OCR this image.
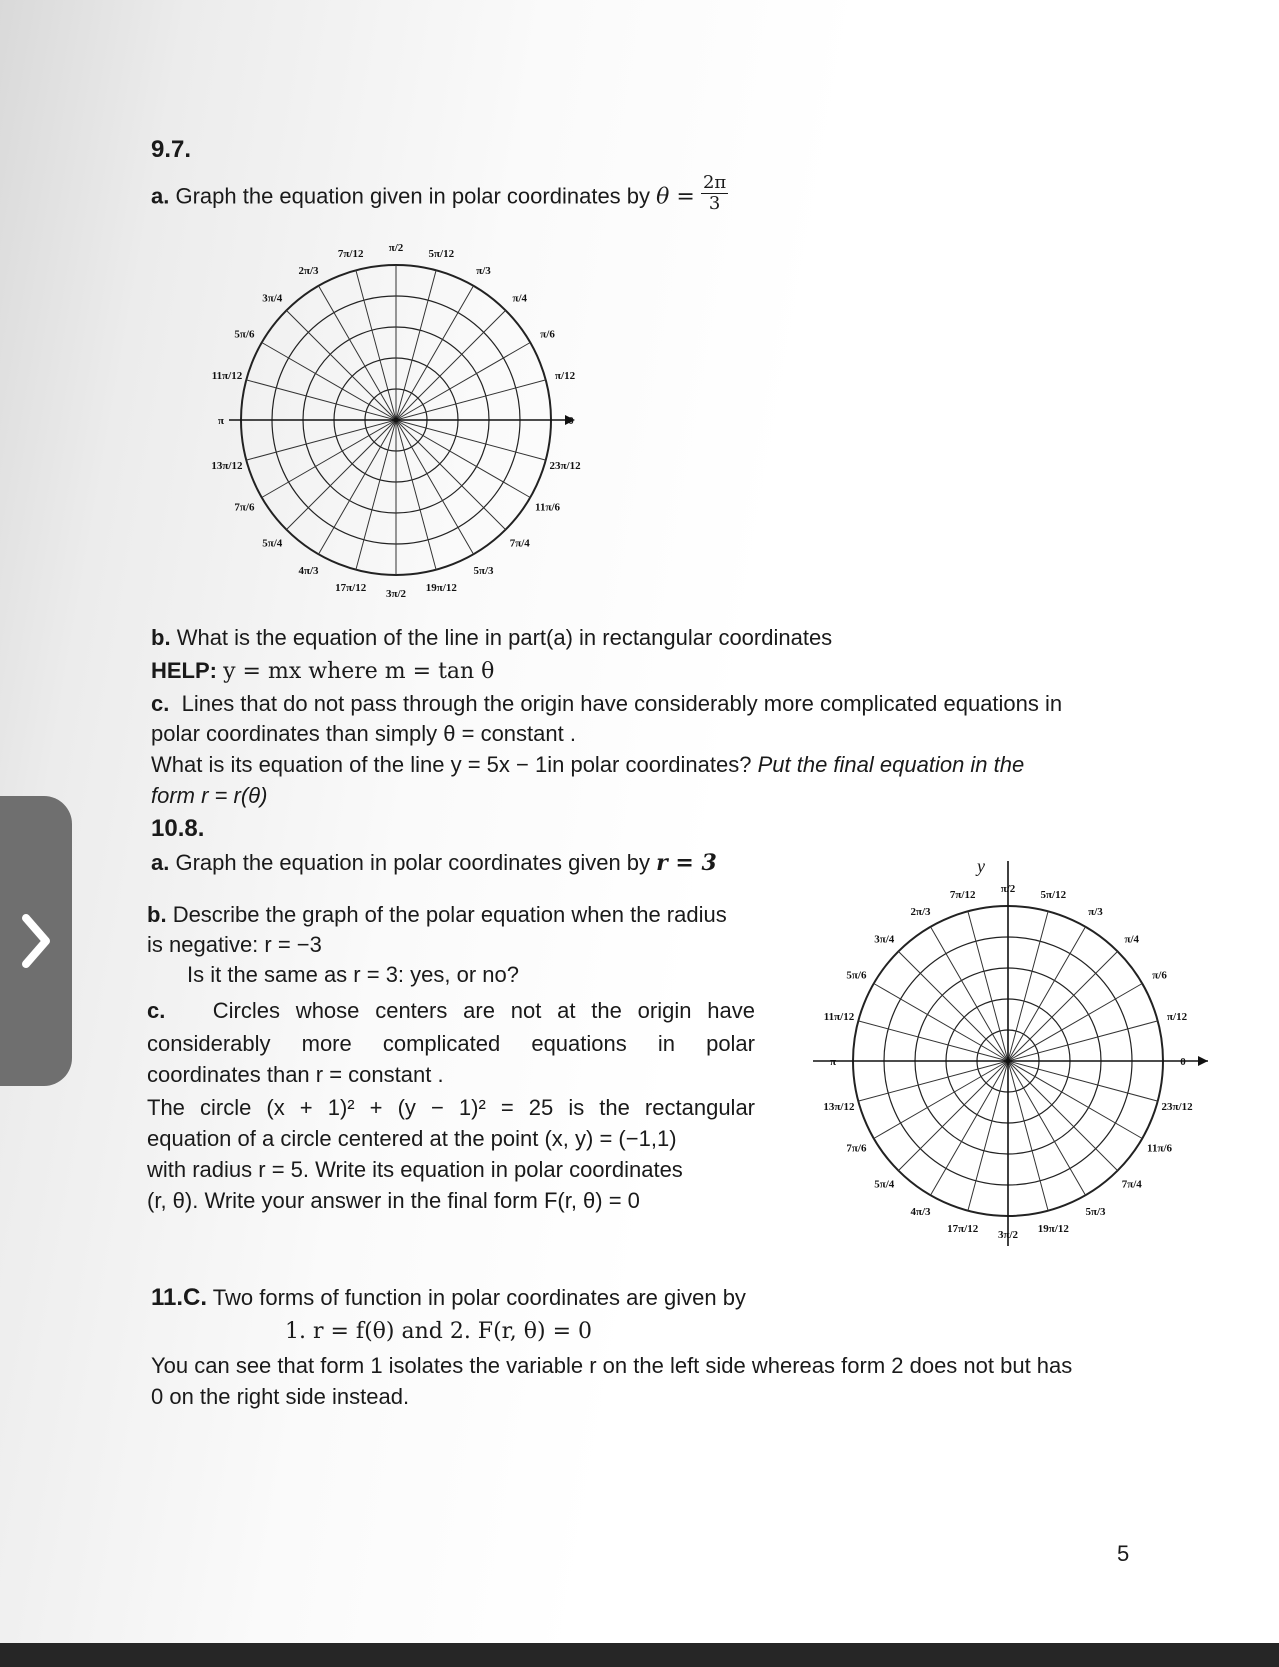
9.7.
a. Graph the equation given in polar coordinates by $\theta = \frac{2\pi}{3}$
0
π/12
π/6
π/4
π/3
5π/12
π/2
7π/12
2π/3
3π/4
5π/6
11π/12
π
13π/12
7π/6
5π/4
4π/3
17π/12 3π/2 19π/12
5π/3
7π/4
11π/6
23π/12
b. What is the equation of the line in part(a) in rectangular coordinates
HELP: y = mx where m = tan θ
c. Lines that do not pass through the origin have considerably more complicated equations in
polar coordinates than simply θ = constant .
What is its equation of the line y = 5x − 1in polar coordinates? Put the final equation in the
form r = r(θ)
10.8.
a. Graph the equation in polar coordinates given by r = 3
b. Describe the graph of the polar equation when the radius
is negative: r = −3
Is it the same as r = 3: yes, or no?
c. Circles whose centers are not at the origin have
considerably more complicated equations in polar
coordinates than r = constant .
The circle (x + 1)² + (y − 1)² = 25 is the rectangular
equation of a circle centered at the point (x, y) = (−1,1)
with radius r = 5. Write its equation in polar coordinates
(r, θ). Write your answer in the final form F(r, θ) = 0
0
π/12
π/6
π/4
π/3
5π/12
π/2
7π/12
2π/3
3π/4
5π/6
11π/12
π
13π/12
7π/6
5π/4
4π/3
17π/12 3π/2 19π/12
5π/3
7π/4
11π/6
23π/12
y
11.C. Two forms of function in polar coordinates are given by
1. r = f(θ) and 2. F(r, θ) = 0
You can see that form 1 isolates the variable r on the left side whereas form 2 does not but has
0 on the right side instead.
5
